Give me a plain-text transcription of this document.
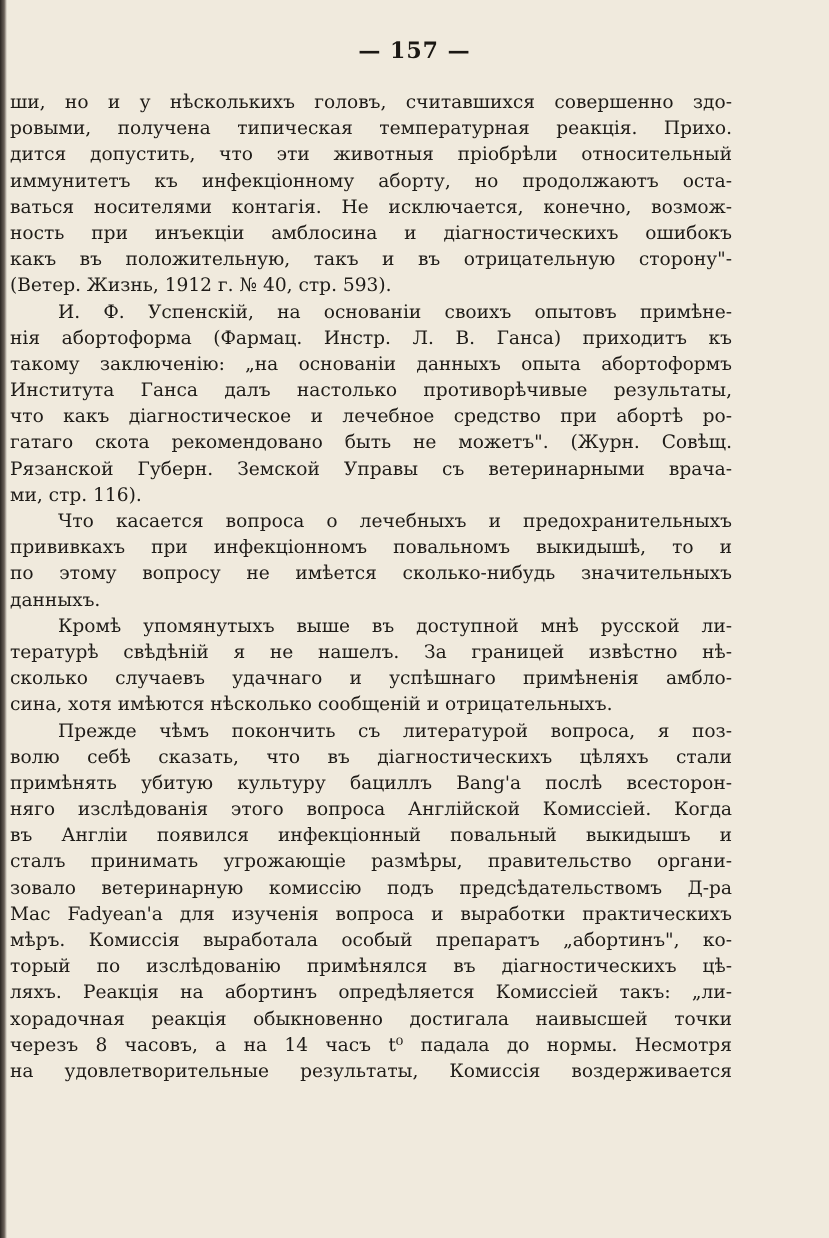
— 157 —
ши, но и у нѣсколькихъ головъ, считавшихся совершенно здо-
ровыми, получена типическая температурная реакція. Прихо.
дится допустить, что эти животныя пріобрѣли относительный
иммунитетъ къ инфекціонному аборту, но продолжаютъ оста-
ваться носителями контагія. Не исключается, конечно, возмож-
ность при инъекціи амблосина и діагностическихъ ошибокъ
какъ въ положительную, такъ и въ отрицательную сторону"-
(Ветер. Жизнь, 1912 г. № 40, стр. 593).
И. Ф. Успенскій, на основаніи своихъ опытовъ примѣне-
нія абортоформа (Фармац. Инстр. Л. В. Ганса) приходитъ къ
такому заключенію: „на основаніи данныхъ опыта абортоформъ
Института Ганса далъ настолько противорѣчивые результаты,
что какъ діагностическое и лечебное средство при абортѣ ро-
гатаго скота рекомендовано быть не можетъ". (Журн. Совѣщ.
Рязанской Губерн. Земской Управы съ ветеринарными врача-
ми, стр. 116).
Что касается вопроса о лечебныхъ и предохранительныхъ
прививкахъ при инфекціонномъ повальномъ выкидышѣ, то и
по этому вопросу не имѣется сколько-нибудь значительныхъ
данныхъ.
Кромѣ упомянутыхъ выше въ доступной мнѣ русской ли-
тературѣ свѣдѣній я не нашелъ. За границей извѣстно нѣ-
сколько случаевъ удачнаго и успѣшнаго примѣненія амбло-
сина, хотя имѣются нѣсколько сообщеній и отрицательныхъ.
Прежде чѣмъ покончить съ литературой вопроса, я поз-
волю себѣ сказать, что въ діагностическихъ цѣляхъ стали
примѣнять убитую культуру бациллъ Bang'a послѣ всесторон-
няго изслѣдованія этого вопроса Англійской Комиссіей. Когда
въ Англіи появился инфекціонный повальный выкидышъ и
сталъ принимать угрожающіе размѣры, правительство органи-
зовало ветеринарную комиссію подъ предсѣдательствомъ Д-ра
Mac Fadyean'а для изученія вопроса и выработки практическихъ
мѣръ. Комиссія выработала особый препаратъ „абортинъ", ко-
торый по изслѣдованію примѣнялся въ діагностическихъ цѣ-
ляхъ. Реакція на абортинъ опредѣляется Комиссіей такъ: „ли-
хорадочная реакція обыкновенно достигала наивысшей точки
черезъ 8 часовъ, а на 14 часъ t⁰ падала до нормы. Несмотря
на удовлетворительные результаты, Комиссія воздерживается
